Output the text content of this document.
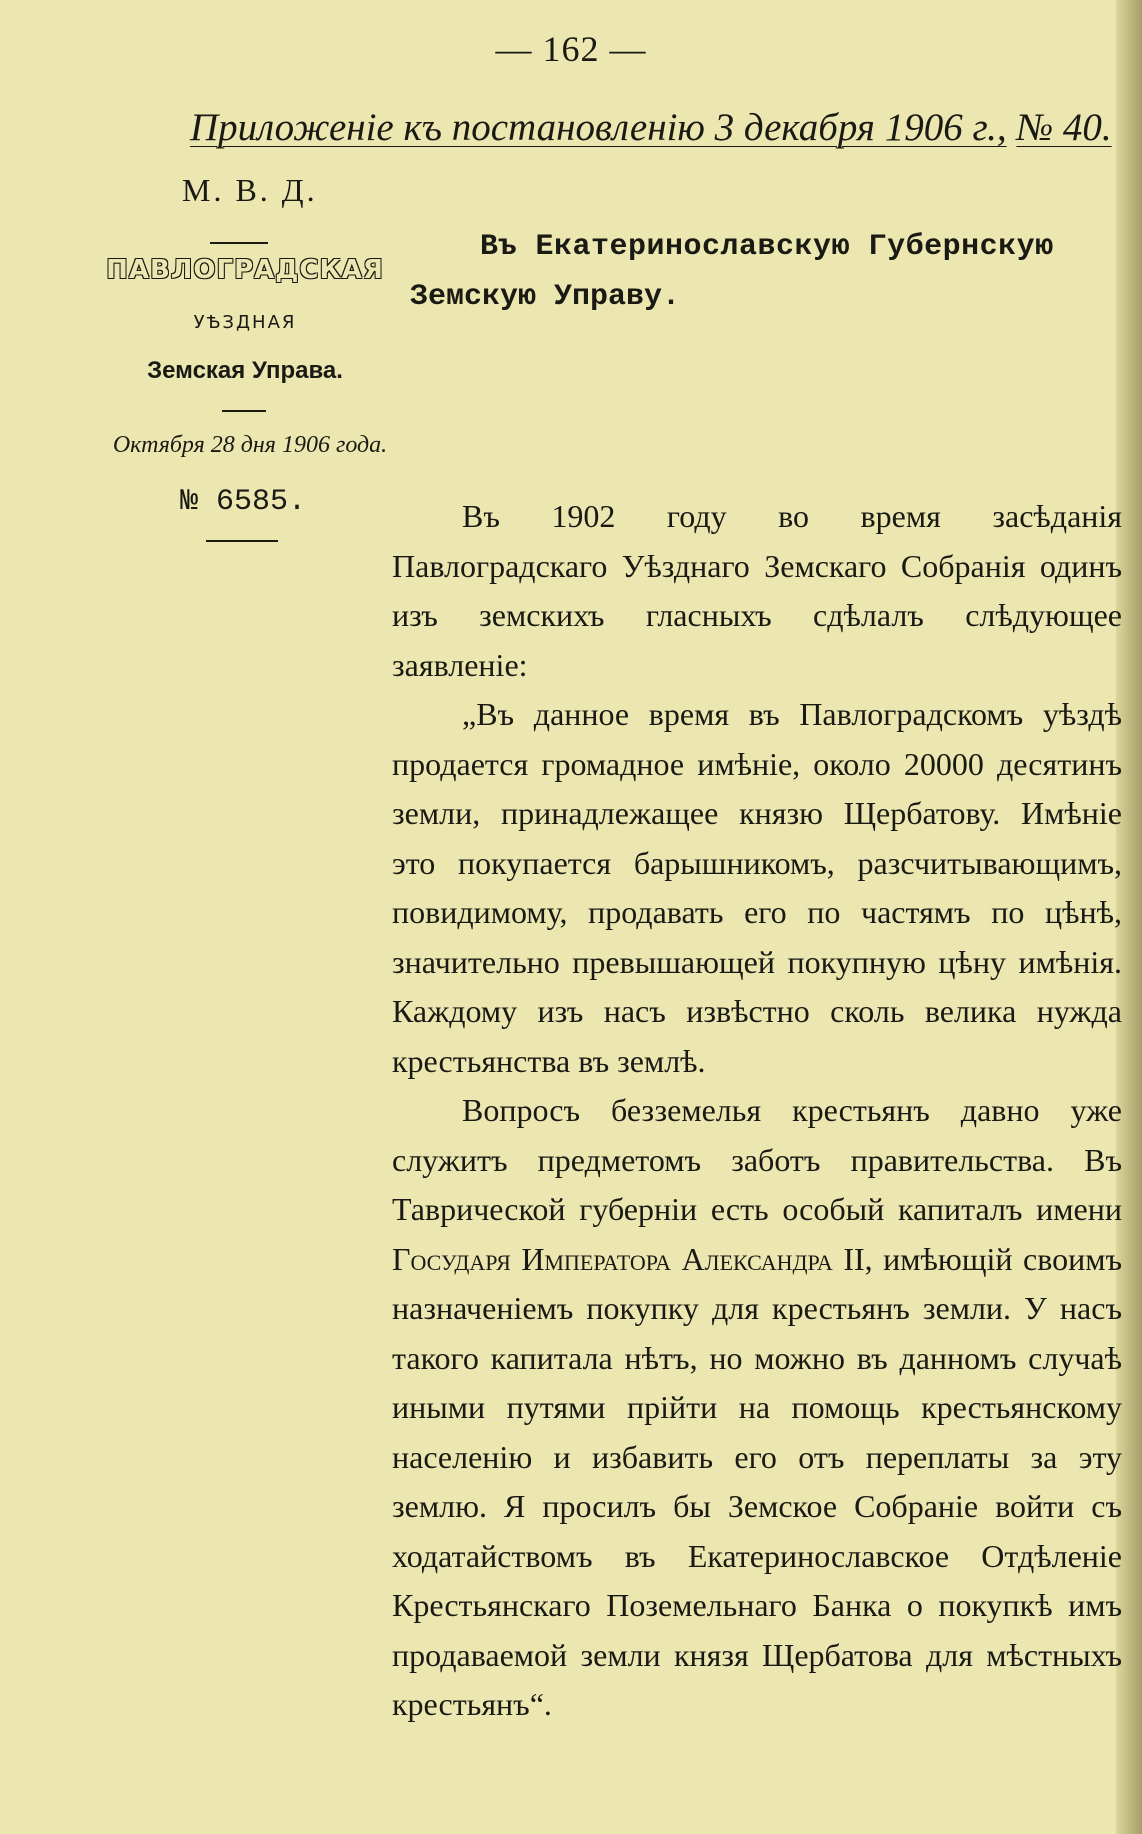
— 162 —
Приложеніе къ постановленію 3 декабря 1906 г., № 40.
М. В. Д.
ПАВЛОГРАДСКАЯ
УѢЗДНАЯ
Земская Управа.
Октября 28 дня 1906 года.
№ 6585.
Въ Екатеринославскую Губернскую
Земскую Управу.

Въ 1902 году во время засѣданія Павлоградскаго Уѣзднаго Земскаго Собранія одинъ изъ земскихъ гласныхъ сдѣлалъ слѣдующее заявленіе:

„Въ данное время въ Павлоградскомъ уѣздѣ продается громадное имѣніе, около 20000 десятинъ земли, принадлежащее князю Щербатову. Имѣніе это покупается барышникомъ, разсчитывающимъ, повидимому, продавать его по частямъ по цѣнѣ, значительно превышающей покупную цѣну имѣнія. Каждому изъ насъ извѣстно сколь велика нужда крестьянства въ землѣ.

Вопросъ безземелья крестьянъ давно уже служитъ предметомъ заботъ правительства. Въ Таврической губерніи есть особый капиталъ имени Государя Императора Александра II, имѣющій своимъ назначеніемъ покупку для крестьянъ земли. У насъ такого капитала нѣтъ, но можно въ данномъ случаѣ иными путями прійти на помощь крестьянскому населенію и избавить его отъ переплаты за эту землю. Я просилъ бы Земское Собраніе войти съ ходатайствомъ въ Екатеринославское Отдѣленіе Крестьянскаго Поземельнаго Банка о покупкѣ имъ продаваемой земли князя Щербатова для мѣстныхъ крестьянъ“.
